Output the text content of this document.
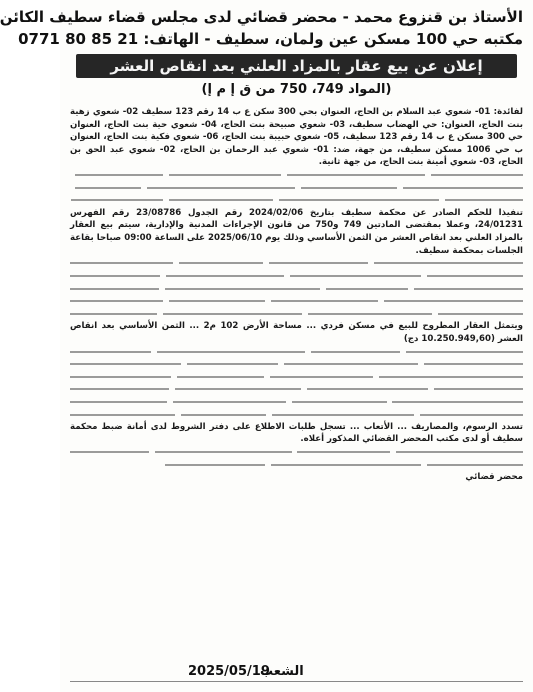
الأستاذ بن قنزوع محمد - محضر قضائي لدى مجلس قضاء سطيف الكائن
مكتبه حي 100 مسكن عين ولمان، سطيف - الهاتف: 21 85 80 0771
إعلان عن بيع عقار بالمزاد العلني بعد انقاص العشر
(المواد 749، 750 من ق إ م إ)

لفائدة: 01- شعوي عبد السلام بن الحاج، العنوان بحي 300 سكن ع ب 14 رقم 123 سطيف 02- شعوي زهية بنت الحاج، العنوان: حي الهضاب سطيف، 03- شعوي صبيحة بنت الحاج، 04- شعوي حية بنت الحاج، العنوان حي 300 مسكن ع ب 14 رقم 123 سطيف، 05- شعوي حبيبة بنت الحاج، 06- شعوي فكية بنت الحاج، العنوان ب حي 1006 مسكن سطيف، من جهة، ضد: 01- شعوي عبد الرحمان بن الحاج، 02- شعوي عبد الحق بن الحاج، 03- شعوي أمينة بنت الحاج، من جهة ثانية.

تنفيذا للحكم الصادر عن محكمة سطيف بتاريخ 2024/02/06 رقم الجدول 23/08786 رقم الفهرس 24/01231، وعملا بمقتضى المادتين 749 و750 من قانون الإجراءات المدنية والإدارية، سيتم بيع العقار بالمزاد العلني بعد انقاص العشر من الثمن الأساسي وذلك يوم 2025/06/10 على الساعة 09:00 صباحا بقاعة الجلسات بمحكمة سطيف.

ويتمثل العقار المطروح للبيع في مسكن فردي ... مساحة الأرض 102 م2 ... الثمن الأساسي بعد انقاص العشر (10.250.949,60 دج)

تسدد الرسوم، والمصاريف ... الأتعاب ... تسجل طلبات الاطلاع على دفتر الشروط لدى أمانة ضبط محكمة سطيف أو لدى مكتب المحضر القضائي المذكور أعلاه.

محضر قضائي

الشعب
2025/05/19
